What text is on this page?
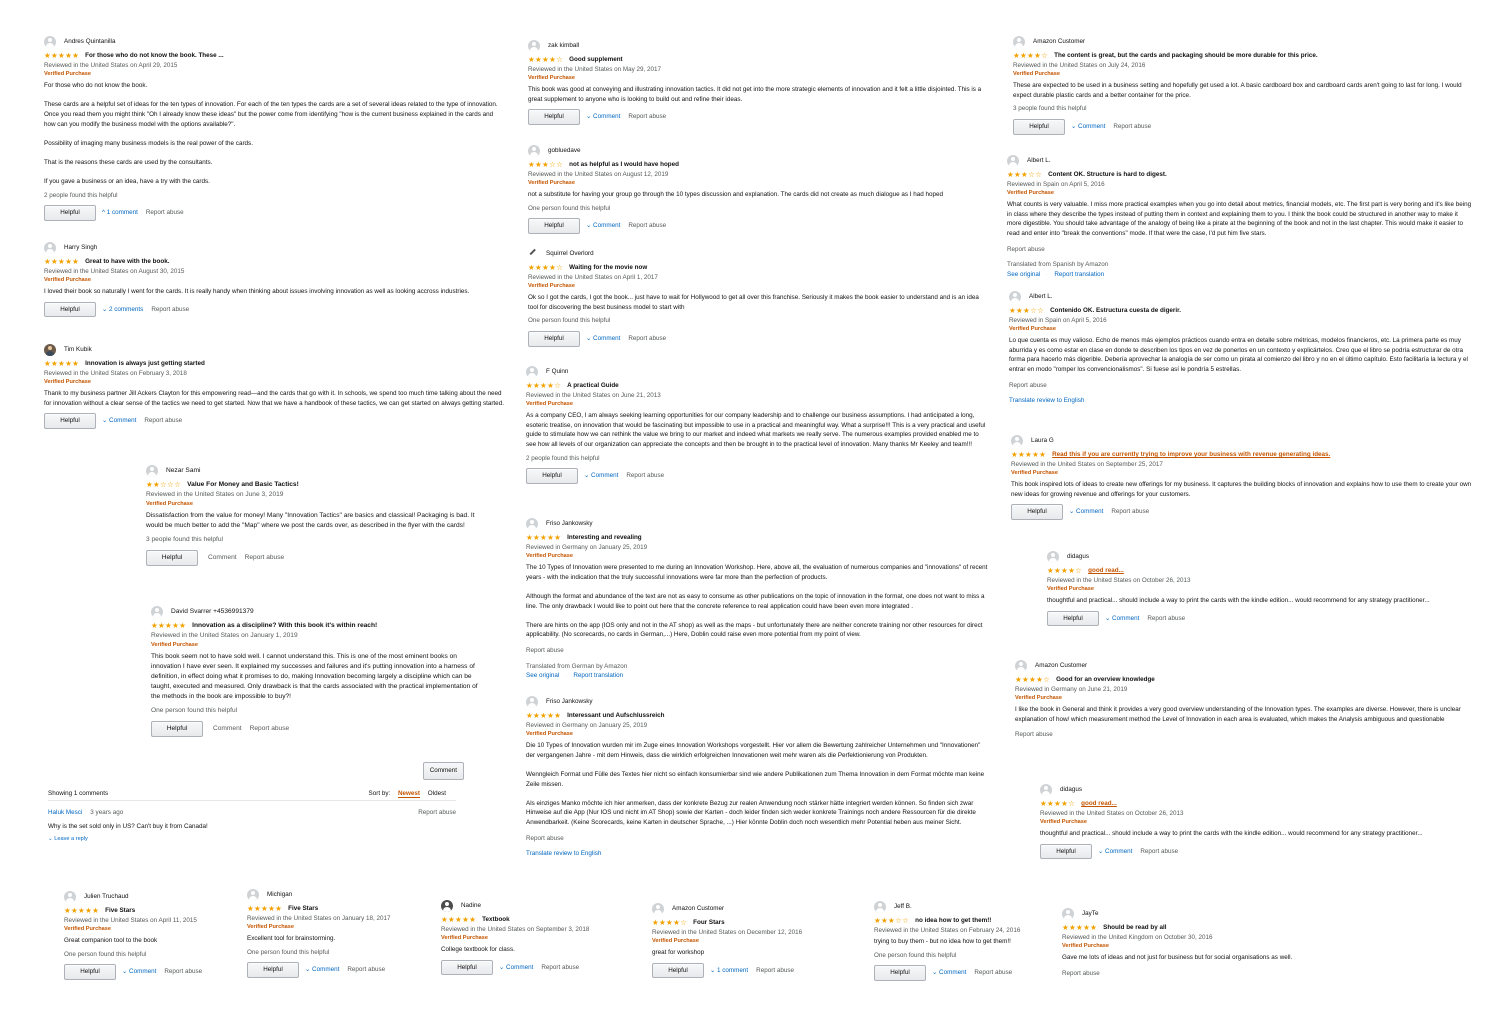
Andres Quintanilla
★★★★★ For those who do not know the book. These ...
Reviewed in the United States on April 29, 2015
Verified Purchase

For those who do not know the book.

These cards are a helpful set of ideas for the ten types of innovation. For each of the ten types the cards are a set of several ideas related to the type of innovation. Once you read them you might think "Oh I already know these ideas" but the power come from identifying "how is the current business explained in the cards and how can you modify the business model with the options available?".

Possibility of imaging many business models is the real power of the cards.

That is the reasons these cards are used by the consultants.

If you gave a business or an idea, have a try with the cards.

2 people found this helpful
Helpful	^ 1 comment Report abuse
Harry Singh
★★★★★ Great to have with the book.
Reviewed in the United States on August 30, 2015
Verified Purchase

I loved their book so naturally I went for the cards. It is really handy when thinking about issues involving innovation as well as looking accross industries.

Helpful	⌄ 2 comments Report abuse
Tim Kubik
★★★★★ Innovation is always just getting started
Reviewed in the United States on February 3, 2018
Verified Purchase

Thank to my business partner Jill Ackers Clayton for this empowering read—and the cards that go with it. In schools, we spend too much time talking about the need for innovation without a clear sense of the tactics we need to get started. Now that we have a handbook of these tactics, we can get started on always getting started.

Helpful	⌄ Comment Report abuse
Nezar Sami
★★☆☆☆ Value For Money and Basic Tactics!
Reviewed in the United States on June 3, 2019
Verified Purchase

Dissatisfaction from the value for money! Many "Innovation Tactics" are basics and classical! Packaging is bad. It would be much better to add the "Map" where we post the cards over, as described in the flyer with the cards!

3 people found this helpful
Helpful	Comment Report abuse
David Svarrer +4536991379
★★★★★ Innovation as a discipline? With this book it's within reach!
Reviewed in the United States on January 1, 2019
Verified Purchase

This book seem not to have sold well. I cannot understand this. This is one of the most eminent books on innovation I have ever seen. It explained my successes and failures and it's putting innovation into a harness of definition, in effect doing what it promises to do, making Innovation becoming largely a discipline which can be taught, executed and measured. Only drawback is that the cards associated with the practical implementation of the methods in the book are impossible to buy?!

One person found this helpful
Helpful	Comment Report abuse
Comment
Showing 1 comments	Sort by: Newest Oldest
Haluk Mesci 3 years ago	Report abuse
Why is the set sold only in US? Can't buy it from Canada!
⌄ Leave a reply
zak kimball
★★★★☆ Good supplement
Reviewed in the United States on May 29, 2017
Verified Purchase

This book was good at conveying and illustrating innovation tactics. It did not get into the more strategic elements of innovation and it felt a little disjointed. This is a great supplement to anyone who is looking to build out and refine their ideas.

Helpful	⌄ Comment Report abuse
gobluedave
★★★☆☆ not as helpful as I would have hoped
Reviewed in the United States on August 12, 2019
Verified Purchase

not a substitute for having your group go through the 10 types discussion and explanation. The cards did not create as much dialogue as I had hoped

One person found this helpful
Helpful	⌄ Comment Report abuse
Squirrel Overlord
★★★★☆ Waiting for the movie now
Reviewed in the United States on April 1, 2017
Verified Purchase

Ok so I got the cards, I got the book... just have to wait for Hollywood to get all over this franchise. Seriously it makes the book easier to understand and is an idea tool for discovering the best business model to start with

One person found this helpful
Helpful	⌄ Comment Report abuse
F Quinn
★★★★☆ A practical Guide
Reviewed in the United States on June 21, 2013
Verified Purchase

As a company CEO, I am always seeking learning opportunities for our company leadership and to challenge our business assumptions. I had anticipated a long, esoteric treatise, on innovation that would be fascinating but impossible to use in a practical and meaningful way. What a surprise!!! This is a very practical and useful guide to stimulate how we can rethink the value we bring to our market and indeed what markets we really serve. The numerous examples provided enabled me to see how all levels of our organization can appreciate the concepts and then be brought in to the practical level of innovation. Many thanks Mr Keeley and team!!!

2 people found this helpful
Helpful	⌄ Comment Report abuse
Friso Jankowsky
★★★★★ Interesting and revealing
Reviewed in Germany on January 25, 2019
Verified Purchase

The 10 Types of Innovation were presented to me during an Innovation Workshop. Here, above all, the evaluation of numerous companies and "innovations" of recent years - with the indication that the truly successful innovations were far more than the perfection of products.

Although the format and abundance of the text are not as easy to consume as other publications on the topic of innovation in the format, one does not want to miss a line. The only drawback I would like to point out here that the concrete reference to real application could have been even more integrated .

There are hints on the app (IOS only and not in the AT shop) as well as the maps - but unfortunately there are neither concrete training nor other resources for direct applicability. (No scorecards, no cards in German,...) Here, Doblin could raise even more potential from my point of view.

Report abuse
Translated from German by Amazon
See original · Report translation
Friso Jankowsky
★★★★★ Interessant und Aufschlussreich
Reviewed in Germany on January 25, 2019
Verified Purchase

Die 10 Types of Innovation wurden mir im Zuge eines Innovation Workshops vorgestellt. Hier vor allem die Bewertung zahlreicher Unternehmen und "Innovationen" der vergangenen Jahre - mit dem Hinweis, dass die wirklich erfolgreichen Innovationen weit mehr waren als die Perfektionierung von Produkten.

Wenngleich Format und Fülle des Textes hier nicht so einfach konsumierbar sind wie andere Publikationen zum Thema Innovation in dem Format möchte man keine Zeile missen.

Als einziges Manko möchte ich hier anmerken, dass der konkrete Bezug zur realen Anwendung noch stärker hätte integriert werden können. So finden sich zwar Hinweise auf die App (Nur IOS und nicht im AT Shop) sowie der Karten - doch leider finden sich weder konkrete Trainings noch andere Ressourcen für die direkte Anwendbarkeit. (Keine Scorecards, keine Karten in deutscher Sprache, ...) Hier könnte Doblin doch noch wesentlich mehr Potential heben aus meiner Sicht.

Report abuse
Translate review to English
Amazon Customer
★★★★☆ The content is great, but the cards and packaging should be more durable for this price.
Reviewed in the United States on July 24, 2016
Verified Purchase

These are expected to be used in a business setting and hopefully get used a lot. A basic cardboard box and cardboard cards aren't going to last for long. I would expect durable plastic cards and a better container for the price.

3 people found this helpful
Helpful	⌄ Comment Report abuse
Albert L.
★★★☆☆ Content OK. Structure is hard to digest.
Reviewed in Spain on April 5, 2016
Verified Purchase

What counts is very valuable. I miss more practical examples when you go into detail about metrics, financial models, etc. The first part is very boring and it's like being in class where they describe the types instead of putting them in context and explaining them to you. I think the book could be structured in another way to make it more digestible. You should take advantage of the analogy of being like a pirate at the beginning of the book and not in the last chapter. This would make it easier to read and enter into "break the conventions" mode. If that were the case, I'd put him five stars.

Report abuse
Translated from Spanish by Amazon
See original · Report translation
Albert L.
★★★☆☆ Contenido OK. Estructura cuesta de digerir.
Reviewed in Spain on April 5, 2016
Verified Purchase

Lo que cuenta es muy valioso. Echo de menos más ejemplos prácticos cuando entra en detalle sobre métricas, modelos financieros, etc. La primera parte es muy aburrida y es como estar en clase en donde te describen los tipos en vez de ponerlos en un contexto y explicártelos. Creo que el libro se podría estructurar de otra forma para hacerlo más digerible. Debería aprovechar la analogía de ser como un pirata al comienzo del libro y no en el último capítulo. Esto facilitaría la lectura y el entrar en modo "romper los convencionalismos". Si fuese así le pondría 5 estrellas.

Report abuse
Translate review to English
Laura G
★★★★★ Read this if you are currently trying to improve your business with revenue generating ideas.
Reviewed in the United States on September 25, 2017
Verified Purchase

This book inspired lots of ideas to create new offerings for my business. It captures the building blocks of innovation and explains how to use them to create your own new ideas for growing revenue and offerings for your customers.

Helpful	⌄ Comment Report abuse
didagus
★★★★☆ good read...
Reviewed in the United States on October 26, 2013
Verified Purchase

thoughtful and practical... should include a way to print the cards with the kindle edition... would recommend for any strategy practitioner...

Helpful	⌄ Comment Report abuse
Amazon Customer
★★★★☆ Good for an overview knowledge
Reviewed in Germany on June 21, 2019
Verified Purchase

I like the book in General and think it provides a very good overview understanding of the Innovation types. The examples are diverse. However, there is unclear explanation of how/ which measurement method the Level of Innovation in each area is evaluated, which makes the Analysis ambiguous and questionable

Report abuse
didagus
★★★★☆ good read...
Reviewed in the United States on October 26, 2013
Verified Purchase

thoughtful and practical... should include a way to print the cards with the kindle edition... would recommend for any strategy practitioner...

Helpful	⌄ Comment Report abuse
Julien Truchaud
★★★★★ Five Stars
Reviewed in the United States on April 11, 2015
Verified Purchase

Great companion tool to the book

One person found this helpful
Helpful	⌄ Comment Report abuse
Michigan
★★★★★ Five Stars
Reviewed in the United States on January 18, 2017
Verified Purchase

Excellent tool for brainstorming.

One person found this helpful
Helpful	⌄ Comment Report abuse
Nadine
★★★★★ Textbook
Reviewed in the United States on September 3, 2018
Verified Purchase

College textbook for class.

Helpful	⌄ Comment Report abuse
Amazon Customer
★★★★☆ Four Stars
Reviewed in the United States on December 12, 2016
Verified Purchase

great for workshop

Helpful	⌄ 1 comment Report abuse
Jeff B.
★★★☆☆ no idea how to get them!!
Reviewed in the United States on February 24, 2016

trying to buy them - but no idea how to get them!!

One person found this helpful
Helpful	⌄ Comment Report abuse
JayTe
★★★★★ Should be read by all
Reviewed in the United Kingdom on October 30, 2016
Verified Purchase

Gave me lots of ideas and not just for business but for social organisations as well.

Report abuse
